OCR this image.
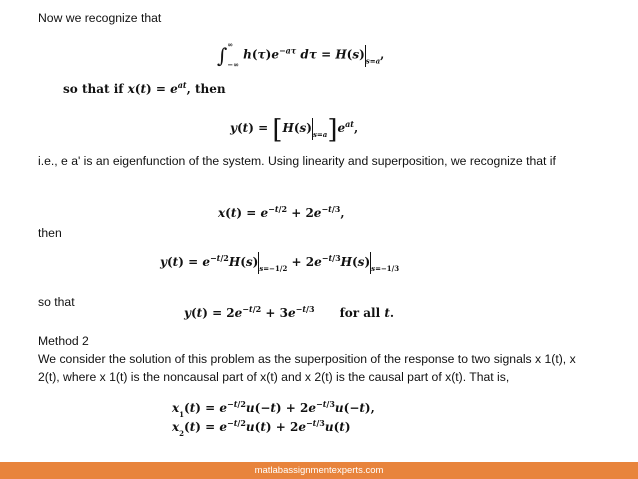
Now we recognize that
∫∞

$-\infty h(\tau)e^{-a\tau}$ $d\tau = H(s)_{s=a}$,
so that if $x(t) = e^{at}$, then
$y(t) = [H(s)_{s=a}]e^{at}$,
i.e., e a' is an eigenfunction of the system. Using linearity and superposition, we recognize that if
$x(t) = e^{-t/2} + 2e^{-t/3}$,
then
$y(t) = e^{-t/2}H(s)_{s=-1/2} + 2e^{-t/3}H(s)_{s=-1/3}$
so that
$y(t) = 2e^{-t/2} + 3e^{-t/3}$      for all t.
Method 2
We consider the solution of this problem as the superposition of the response to two signals x 1(t), x
2(t), where x 1(t) is the noncausal part of x(t) and x 2(t) is the causal part of x(t). That is,
$x_1(t) = e^{-t/2}u(-t) + 2e^{-t/3}u(-t)$,
$x_2(t) = e^{-t/2}u(t) + 2e^{-t/3}u(t)$
matlabassignmentexperts.com
